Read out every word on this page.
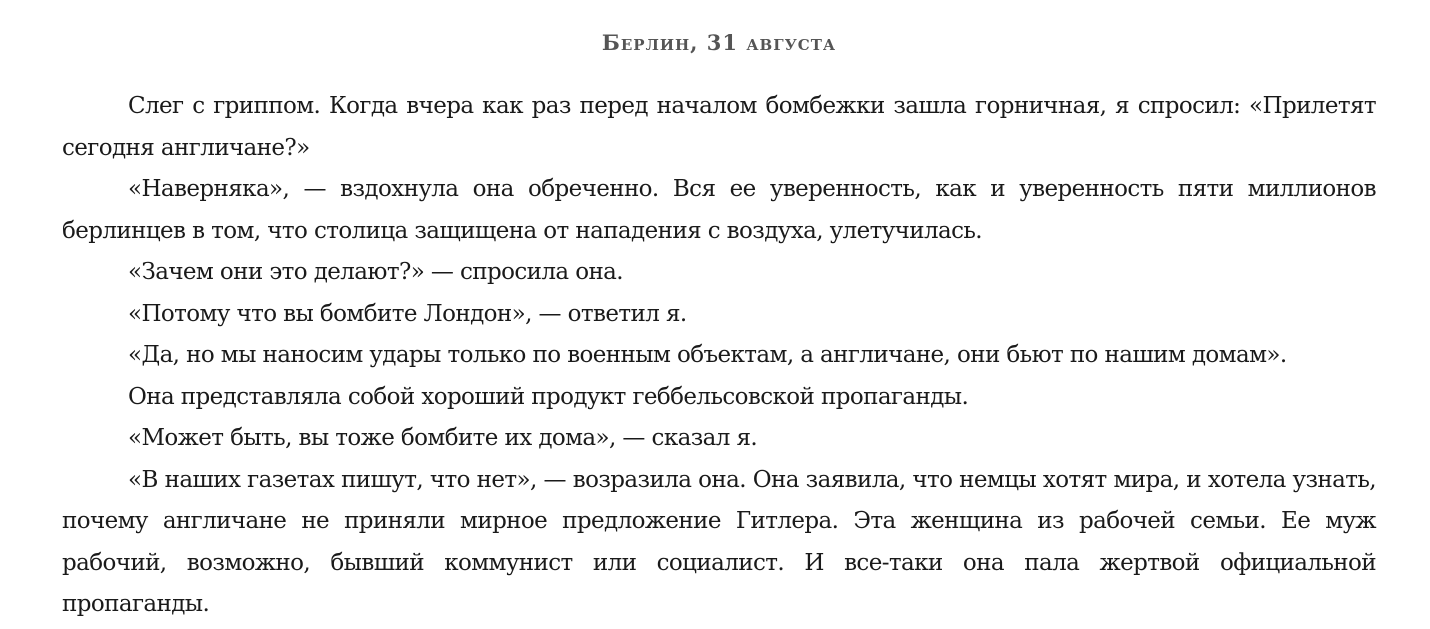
Берлин, 31 августа

Слег с гриппом. Когда вчера как раз перед началом бомбежки зашла горничная, я спросил: «Прилетят сегодня англичане?»

«Наверняка», — вздохнула она обреченно. Вся ее уверенность, как и уверенность пяти миллионов берлинцев в том, что столица защищена от нападения с воздуха, улетучилась.

«Зачем они это делают?» — спросила она.

«Потому что вы бомбите Лондон», — ответил я.

«Да, но мы наносим удары только по военным объектам, а англичане, они бьют по нашим домам».

Она представляла собой хороший продукт геббельсовской пропаганды.

«Может быть, вы тоже бомбите их дома», — сказал я.

«В наших газетах пишут, что нет», — возразила она. Она заявила, что немцы хотят мира, и хотела узнать, почему англичане не приняли мирное предложение Гитлера. Эта женщина из рабочей семьи. Ее муж рабочий, возможно, бывший коммунист или социалист. И все-таки она пала жертвой официальной пропаганды.
